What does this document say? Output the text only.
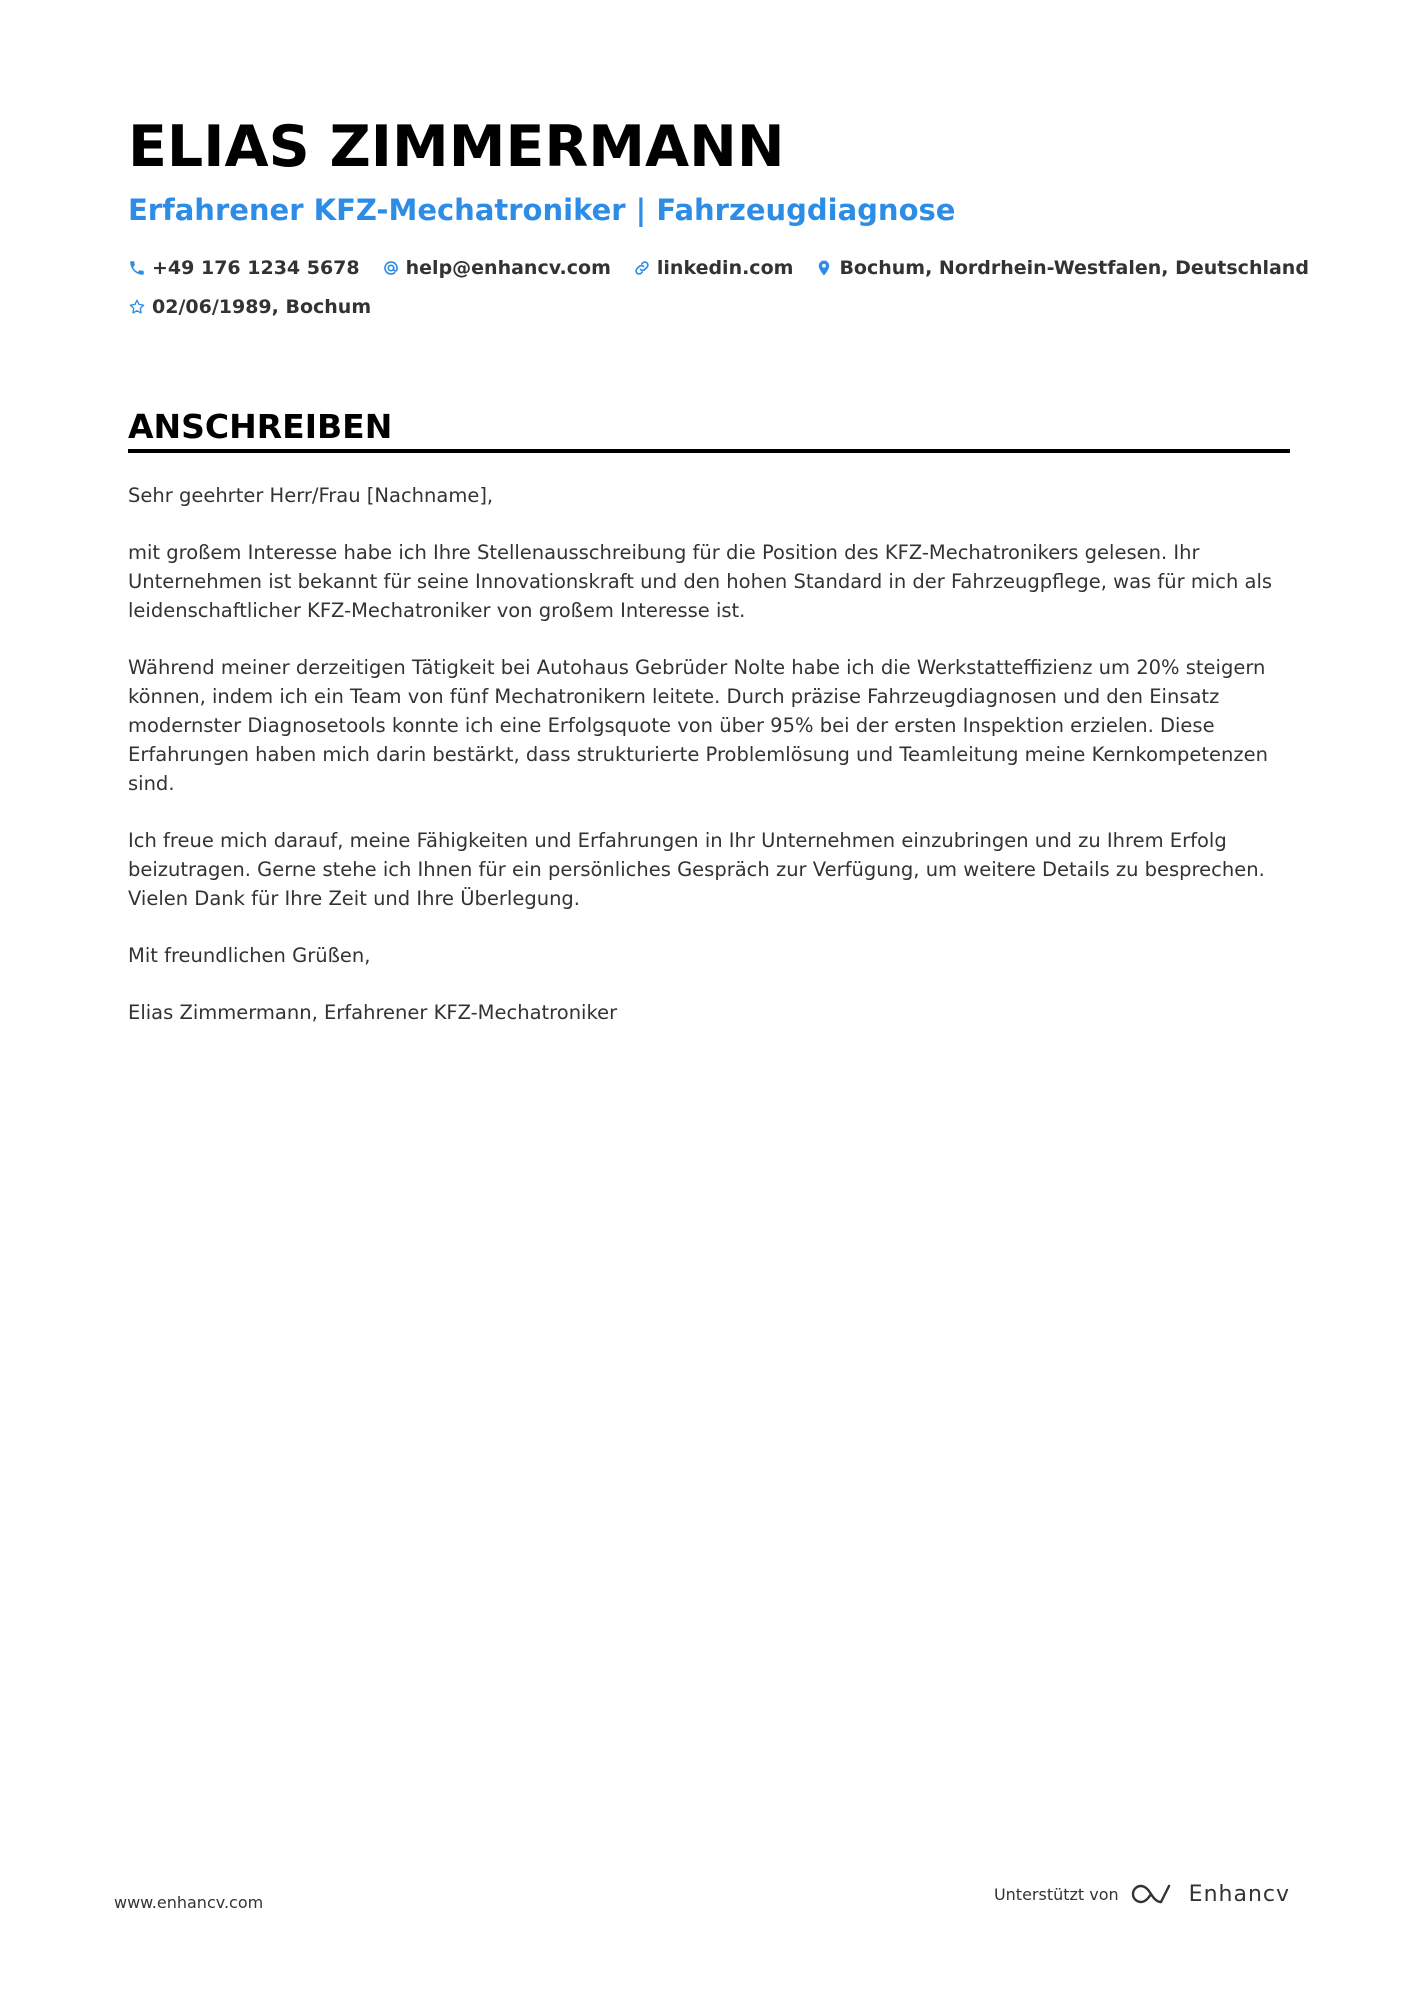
ELIAS ZIMMERMANN
Erfahrener KFZ-Mechatroniker | Fahrzeugdiagnose
+49 176 1234 5678 help@enhancv.com linkedin.com Bochum, Nordrhein-Westfalen, Deutschland
02/06/1989, Bochum
ANSCHREIBEN

Sehr geehrter Herr/Frau [Nachname],

mit großem Interesse habe ich Ihre Stellenausschreibung für die Position des KFZ-Mechatronikers gelesen. Ihr Unternehmen ist bekannt für seine Innovationskraft und den hohen Standard in der Fahrzeugpflege, was für mich als leidenschaftlicher KFZ-Mechatroniker von großem Interesse ist.

Während meiner derzeitigen Tätigkeit bei Autohaus Gebrüder Nolte habe ich die Werkstatteffizienz um 20% steigern können, indem ich ein Team von fünf Mechatronikern leitete. Durch präzise Fahrzeugdiagnosen und den Einsatz modernster Diagnosetools konnte ich eine Erfolgsquote von über 95% bei der ersten Inspektion erzielen. Diese Erfahrungen haben mich darin bestärkt, dass strukturierte Problemlösung und Teamleitung meine Kernkompetenzen sind.

Ich freue mich darauf, meine Fähigkeiten und Erfahrungen in Ihr Unternehmen einzubringen und zu Ihrem Erfolg beizutragen. Gerne stehe ich Ihnen für ein persönliches Gespräch zur Verfügung, um weitere Details zu besprechen. Vielen Dank für Ihre Zeit und Ihre Überlegung.

Mit freundlichen Grüßen,

Elias Zimmermann, Erfahrener KFZ-Mechatroniker

www.enhancv.com	Unterstützt von	Enhancv
